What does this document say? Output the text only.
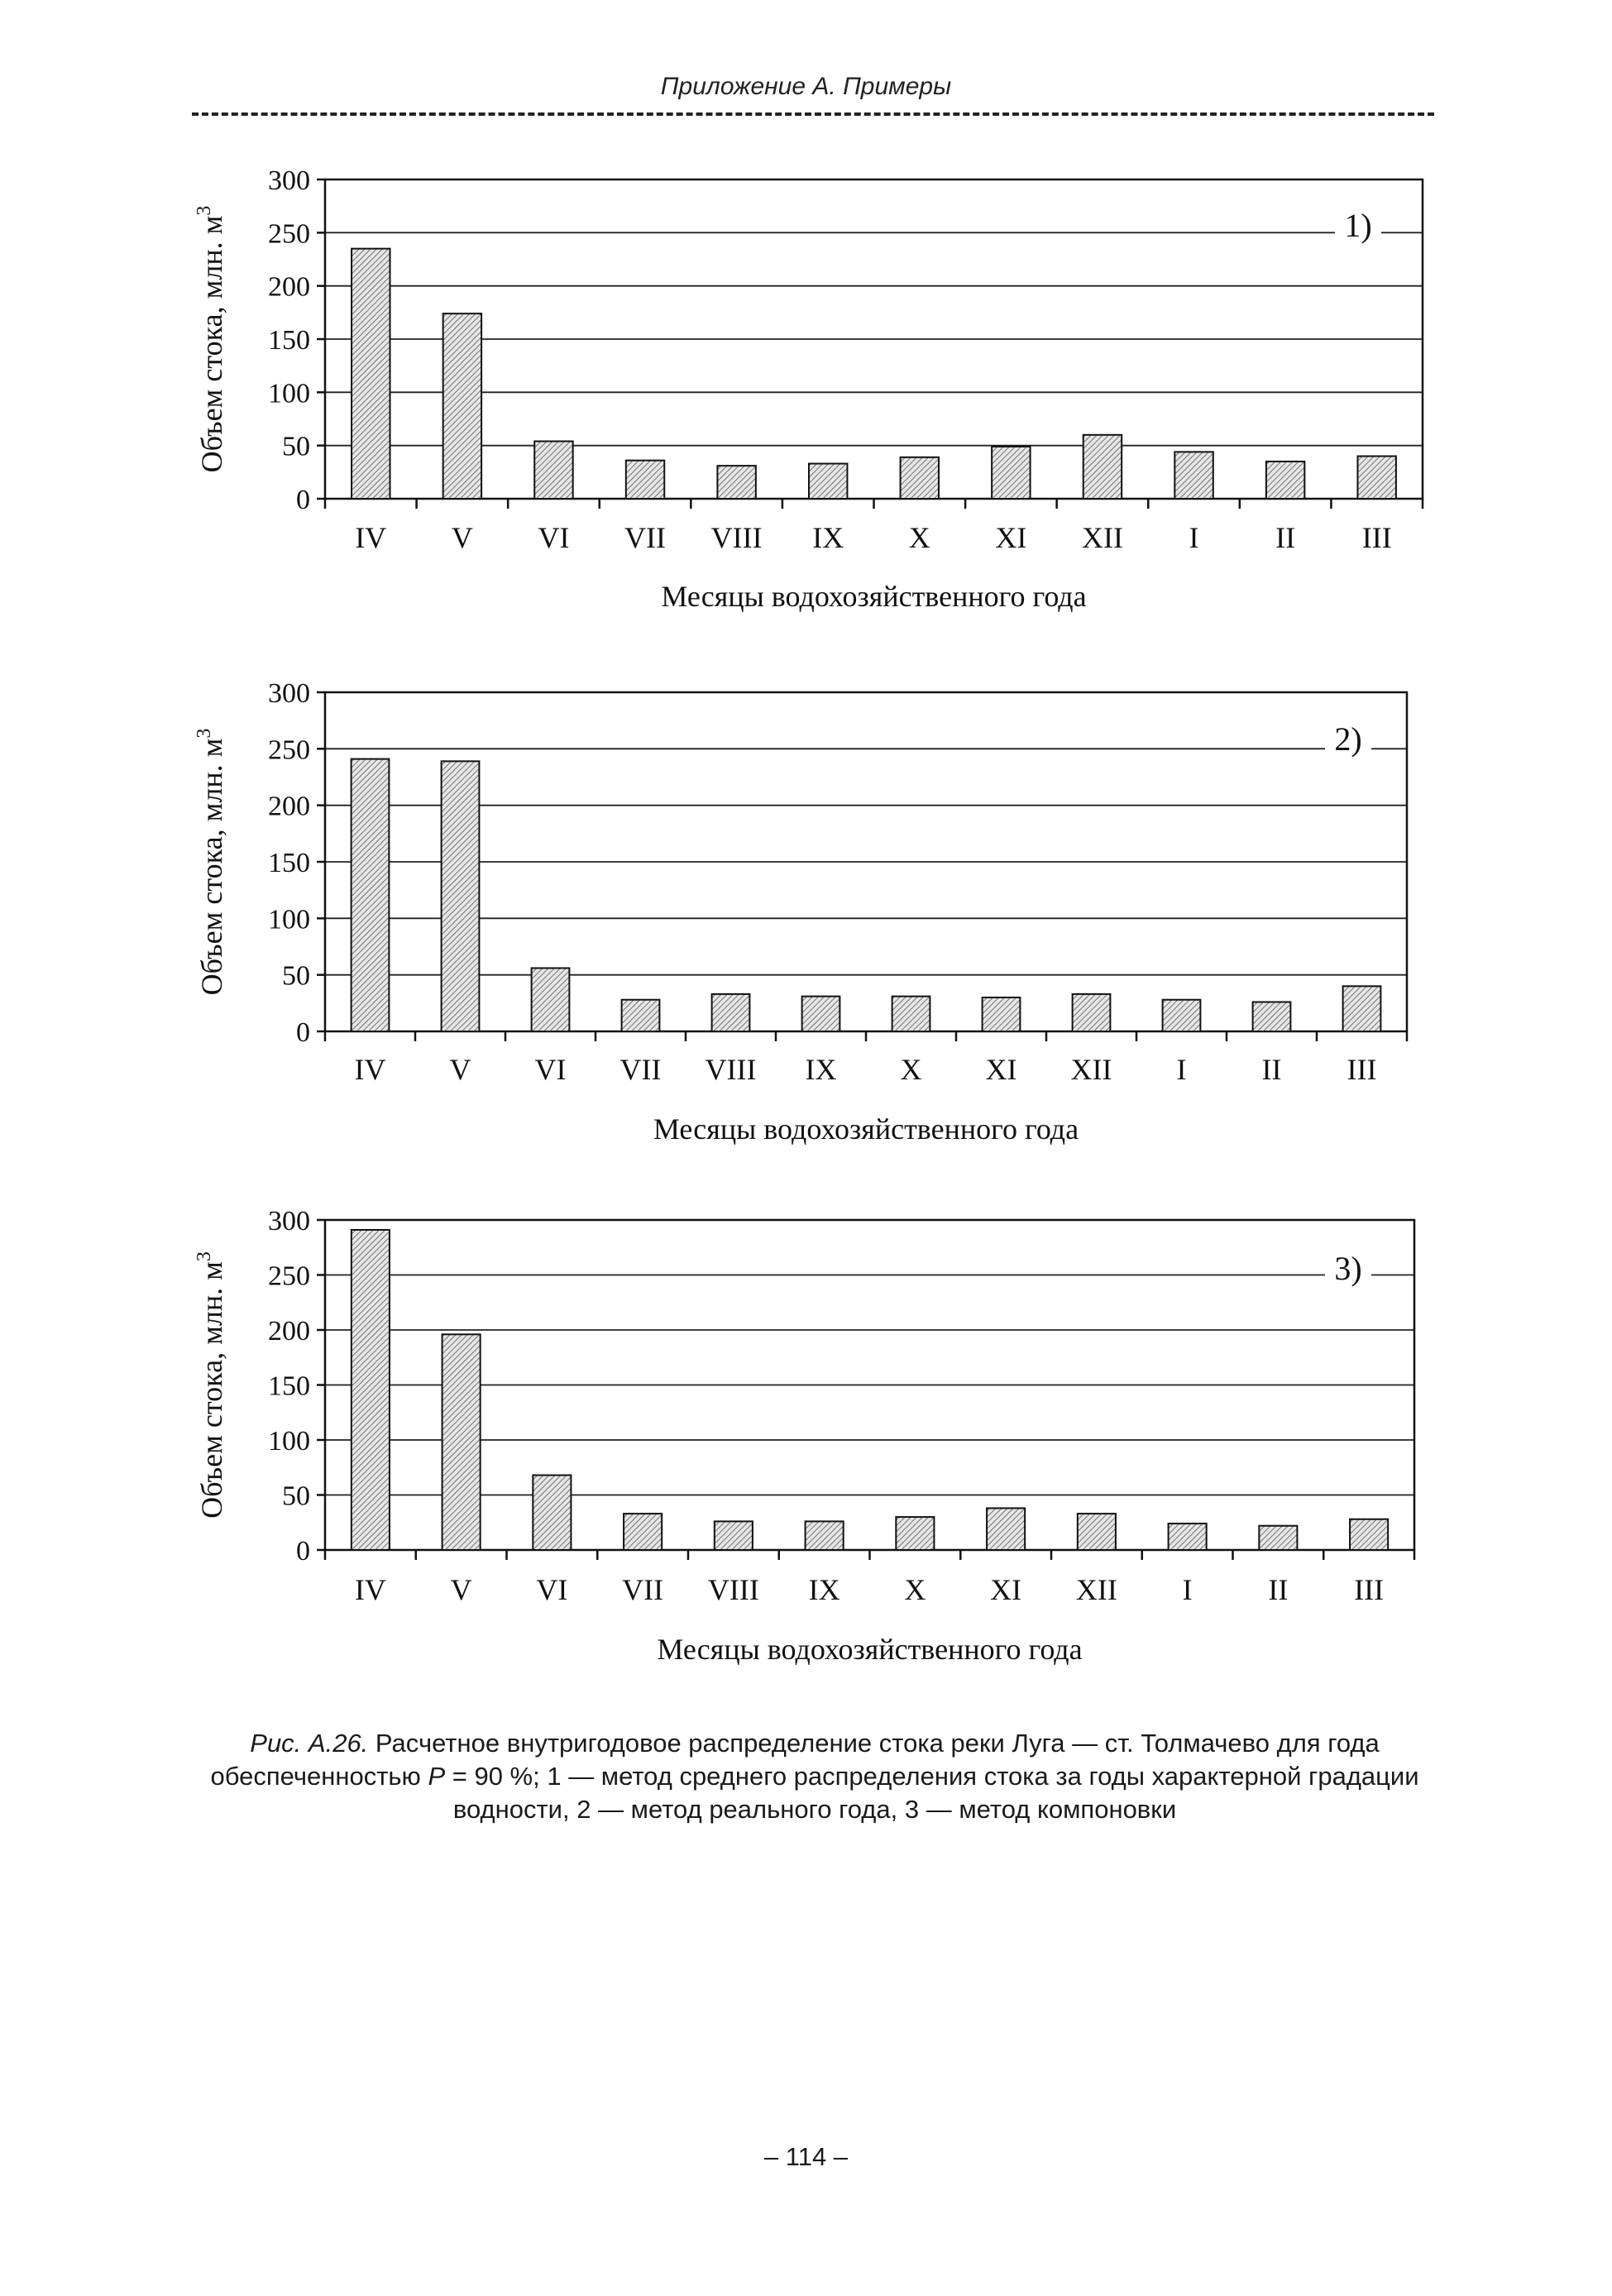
Приложение А. Примеры
0
50
100
150
200
250
300
IV V VI VII VIII IX X XI XII I	II III
Месяцы водохозяйственного года
Объем стока, млн. $м^3$	1)
0
50
100
150
200
250
300
IV V VI VII VIII IX X XI XII I	II III
Месяцы водохозяйственного года
Объем стока, млн. $м^3$	2)
0
50
100
150
200
250
300
IV V VI VII VIII IX X XI XII I	II III
Месяцы водохозяйственного года
Объем стока, млн. $м^3$	3)
Рис. А.26. Расчетное внутригодовое распределение стока реки Луга — ст. Толмачево для года обеспеченностью P = 90 %; 1 — метод среднего распределения стока за годы характерной градации водности, 2 — метод реального года, 3 — метод компоновки
– 114 –
